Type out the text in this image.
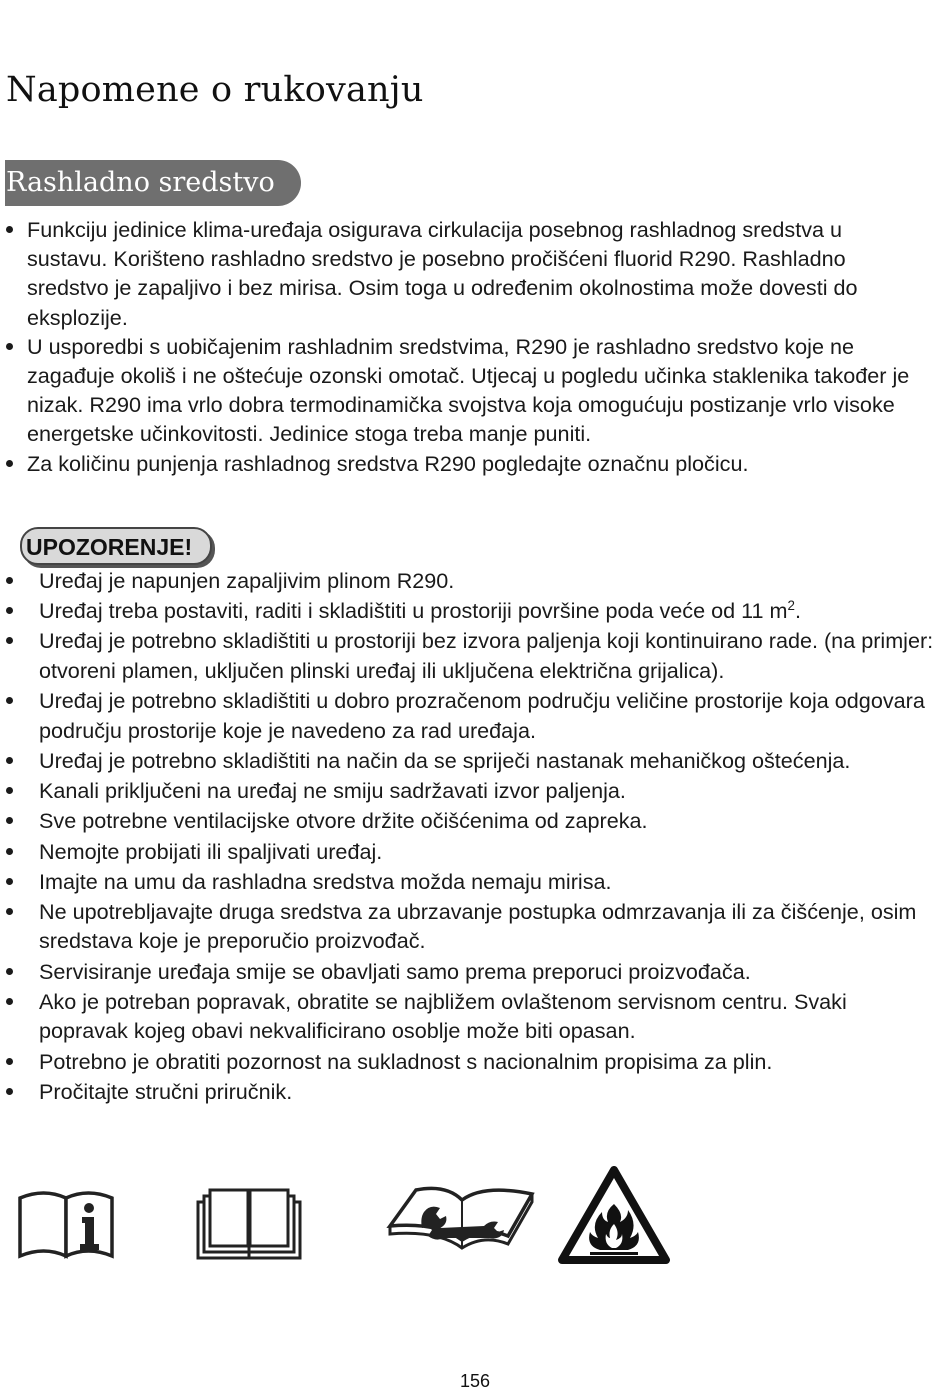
Napomene o rukovanju
Rashladno sredstvo
Funkciju jedinice klima-uređaja osigurava cirkulacija posebnog rashladnog sredstva u sustavu. Korišteno rashladno sredstvo je posebno pročišćeni fluorid R290. Rashladno sredstvo je zapaljivo i bez mirisa. Osim toga u određenim okolnostima može dovesti do eksplozije.
U usporedbi s uobičajenim rashladnim sredstvima, R290 je rashladno sredstvo koje ne zagađuje okoliš i ne oštećuje ozonski omotač. Utjecaj u pogledu učinka staklenika također je nizak. R290 ima vrlo dobra termodinamička svojstva koja omogućuju postizanje vrlo visoke energetske učinkovitosti. Jedinice stoga treba manje puniti.
Za količinu punjenja rashladnog sredstva R290 pogledajte označnu pločicu.
UPOZORENJE!
Uređaj je napunjen zapaljivim plinom R290.
Uređaj treba postaviti, raditi i skladištiti u prostoriji površine poda veće od 11 $m^2$.
Uređaj je potrebno skladištiti u prostoriji bez izvora paljenja koji kontinuirano rade. (na primjer: otvoreni plamen, uključen plinski uređaj ili uključena električna grijalica).
Uređaj je potrebno skladištiti u dobro prozračenom području veličine prostorije koja odgovara području prostorije koje je navedeno za rad uređaja.
Uređaj je potrebno skladištiti na način da se spriječi nastanak mehaničkog oštećenja.
Kanali priključeni na uređaj ne smiju sadržavati izvor paljenja.
Sve potrebne ventilacijske otvore držite očišćenima od zapreka.
Nemojte probijati ili spaljivati uređaj.
Imajte na umu da rashladna sredstva možda nemaju mirisa.
Ne upotrebljavajte druga sredstva za ubrzavanje postupka odmrzavanja ili za čišćenje, osim sredstava koje je preporučio proizvođač.
Servisiranje uređaja smije se obavljati samo prema preporuci proizvođača.
Ako je potreban popravak, obratite se najbližem ovlaštenom servisnom centru. Svaki popravak kojeg obavi nekvalificirano osoblje može biti opasan.
Potrebno je obratiti pozornost na sukladnost s nacionalnim propisima za plin.
Pročitajte stručni priručnik.
156
